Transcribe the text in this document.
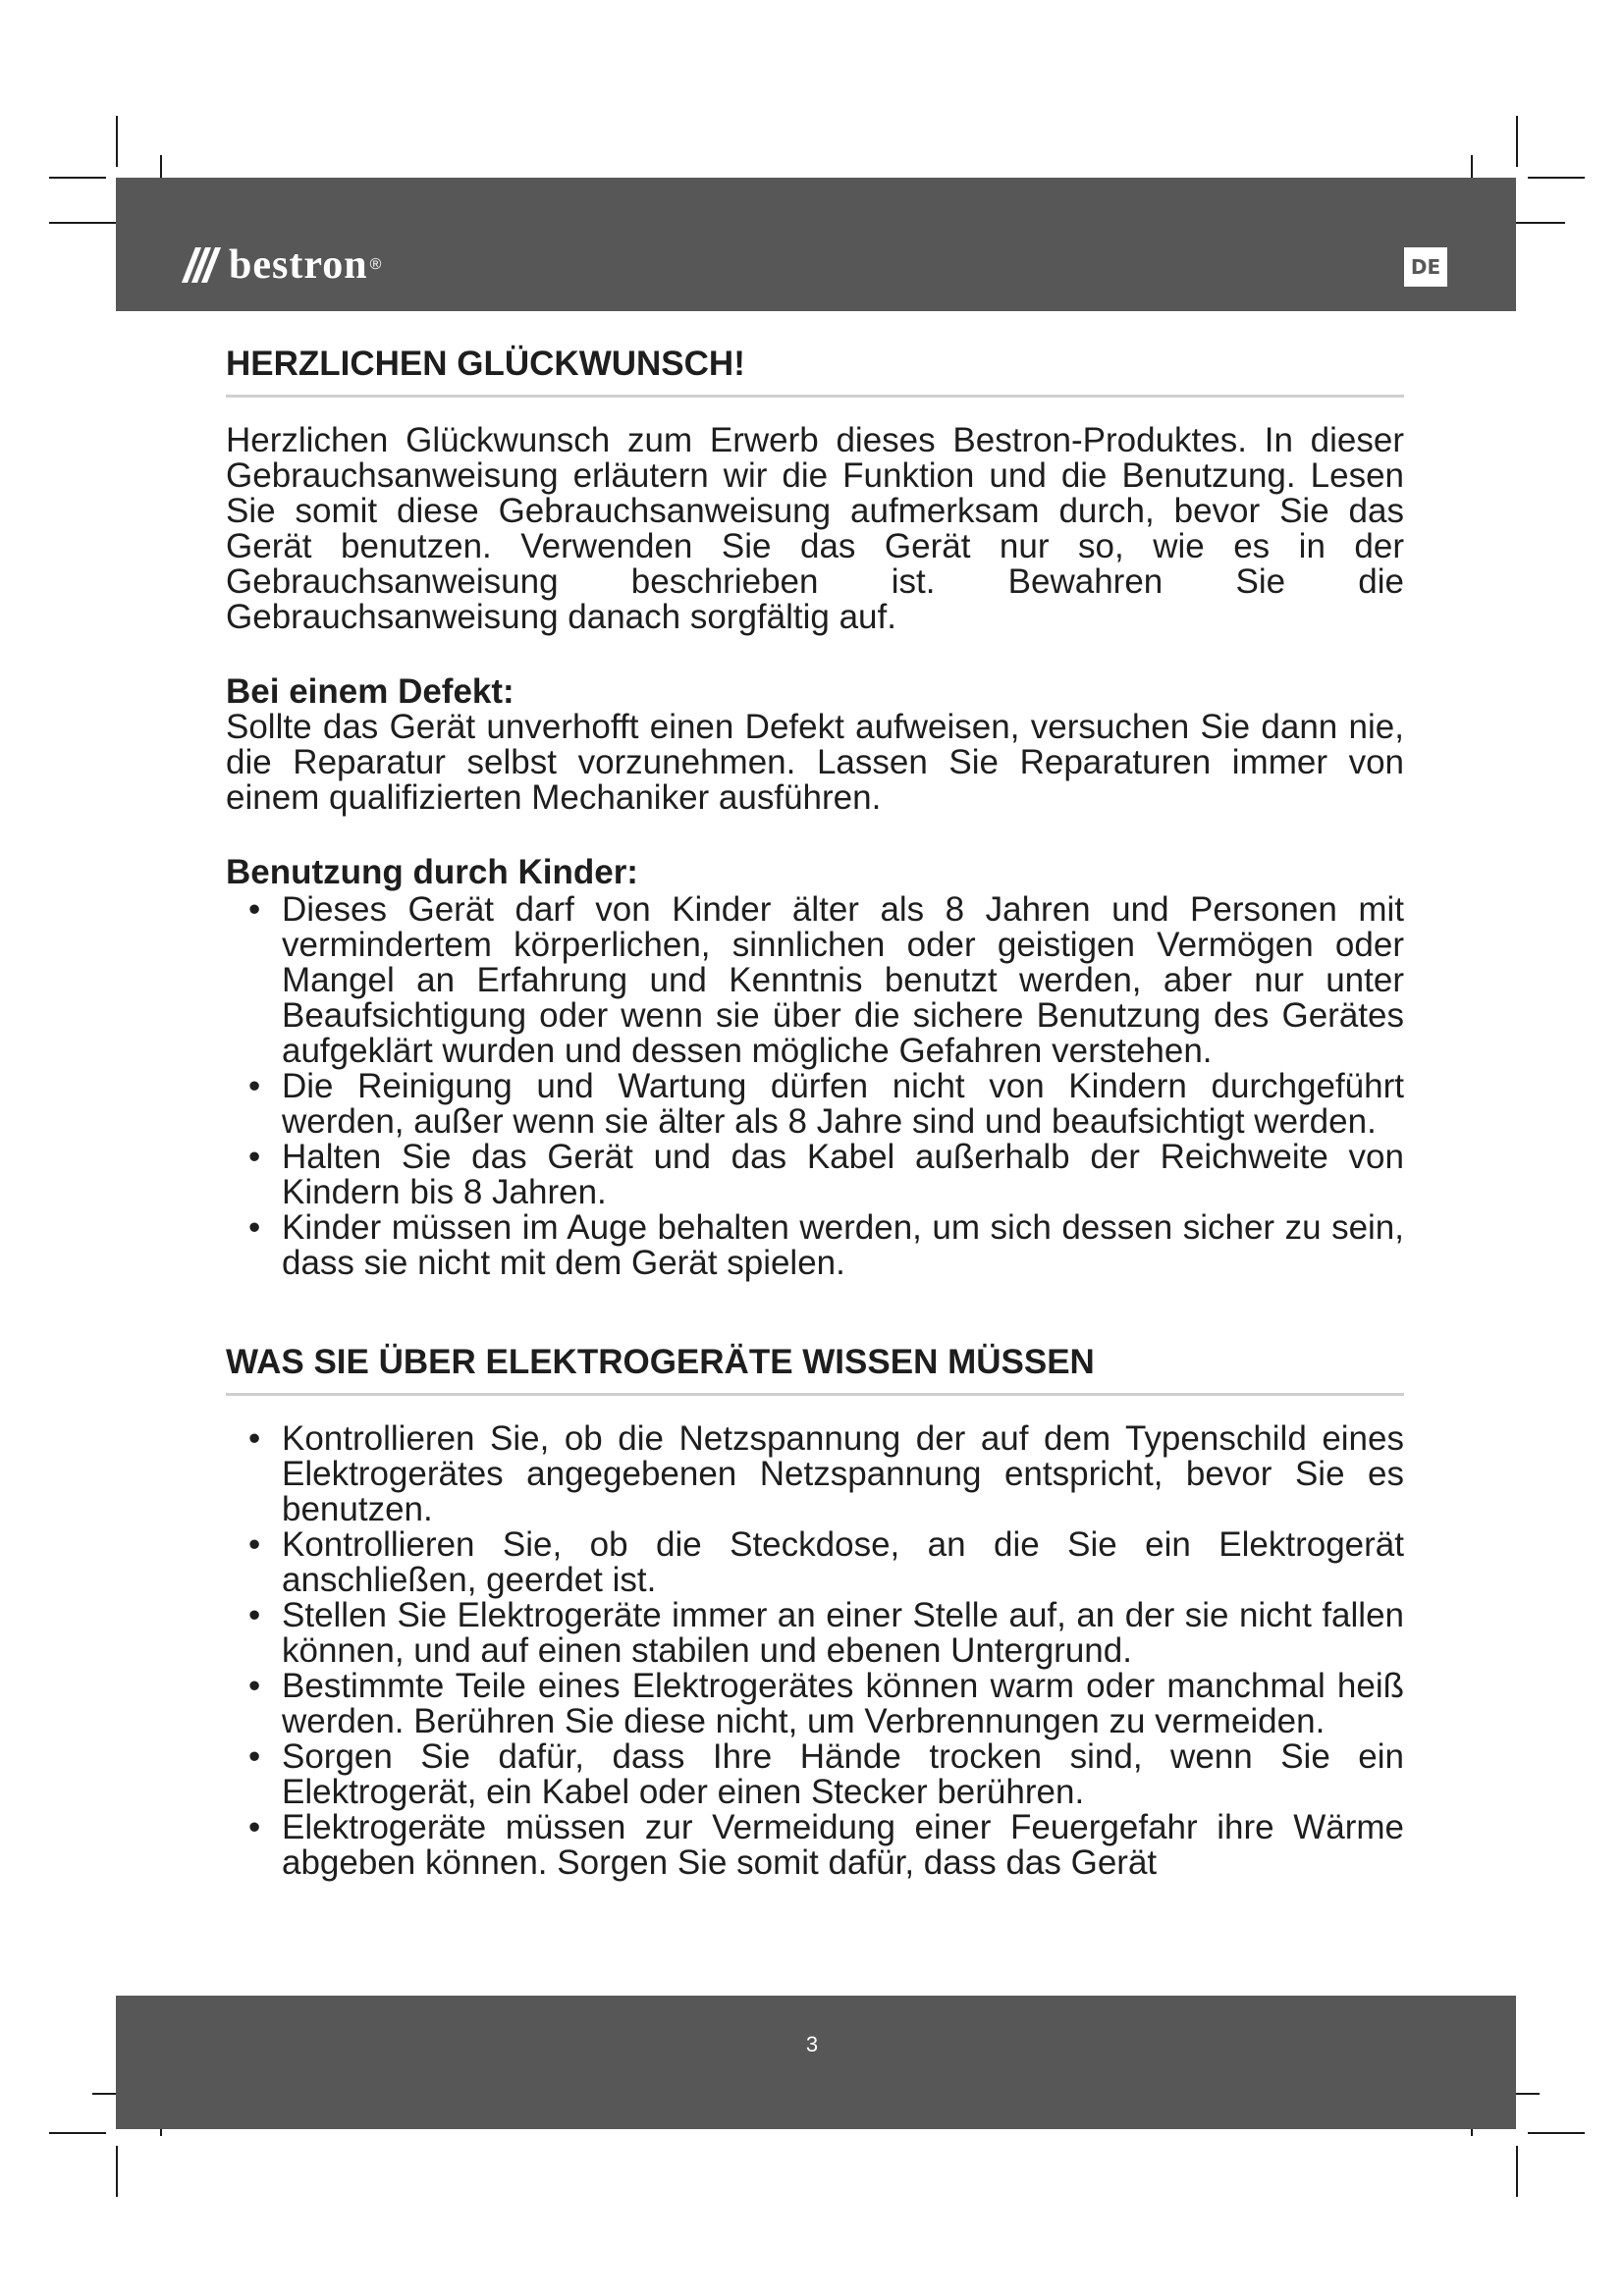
bestron ®	DE
HERZLICHEN GLÜCKWUNSCH!

Herzlichen Glückwunsch zum Erwerb dieses Bestron-Produktes. In dieser Gebrauchsanweisung erläutern wir die Funktion und die Benutzung. Lesen Sie somit diese Gebrauchsanweisung aufmerksam durch, bevor Sie das Gerät benutzen. Verwenden Sie das Gerät nur so, wie es in der Gebrauchsanweisung beschrieben ist. Bewahren Sie die Gebrauchsanweisung danach sorgfältig auf.

Bei einem Defekt:

Sollte das Gerät unverhofft einen Defekt aufweisen, versuchen Sie dann nie, die Reparatur selbst vorzunehmen. Lassen Sie Reparaturen immer von einem qualifizierten Mechaniker ausführen.

Benutzung durch Kinder:
• Dieses Gerät darf von Kinder älter als 8 Jahren und Personen mit vermindertem körperlichen, sinnlichen oder geistigen Vermögen oder Mangel an Erfahrung und Kenntnis benutzt werden, aber nur unter Beaufsichtigung oder wenn sie über die sichere Benutzung des Gerätes aufgeklärt wurden und dessen mögliche Gefahren verstehen.
• Die Reinigung und Wartung dürfen nicht von Kindern durchgeführt werden, außer wenn sie älter als 8 Jahre sind und beaufsichtigt werden.
• Halten Sie das Gerät und das Kabel außerhalb der Reichweite von Kindern bis 8 Jahren.
• Kinder müssen im Auge behalten werden, um sich dessen sicher zu sein, dass sie nicht mit dem Gerät spielen.
WAS SIE ÜBER ELEKTROGERÄTE WISSEN MÜSSEN
• Kontrollieren Sie, ob die Netzspannung der auf dem Typenschild eines Elektrogerätes angegebenen Netzspannung entspricht, bevor Sie es benutzen.
• Kontrollieren Sie, ob die Steckdose, an die Sie ein Elektrogerät anschließen, geerdet ist.
• Stellen Sie Elektrogeräte immer an einer Stelle auf, an der sie nicht fallen können, und auf einen stabilen und ebenen Untergrund.
• Bestimmte Teile eines Elektrogerätes können warm oder manchmal heiß werden. Berühren Sie diese nicht, um Verbrennungen zu vermeiden.
• Sorgen Sie dafür, dass Ihre Hände trocken sind, wenn Sie ein Elektrogerät, ein Kabel oder einen Stecker berühren.
• Elektrogeräte müssen zur Vermeidung einer Feuergefahr ihre Wärme abgeben können. Sorgen Sie somit dafür, dass das Gerät
3
